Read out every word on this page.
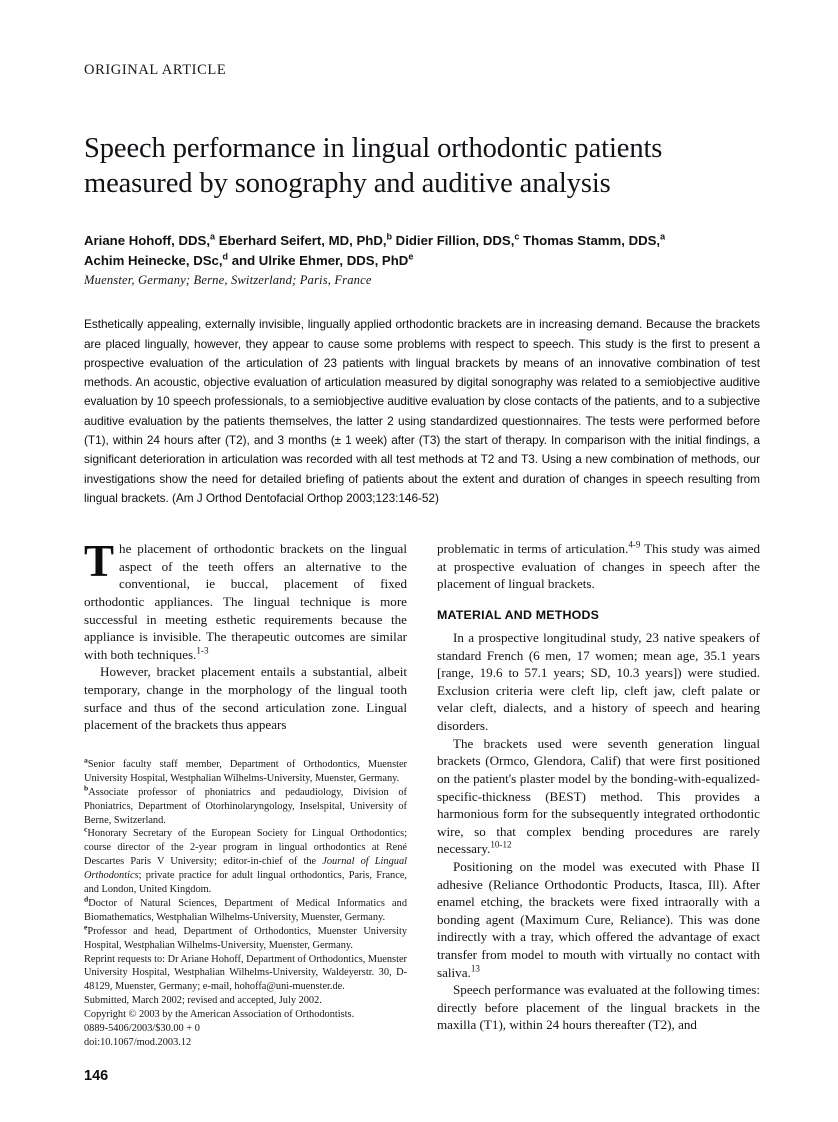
ORIGINAL ARTICLE
Speech performance in lingual orthodontic patients measured by sonography and auditive analysis
Ariane Hohoff, DDS,$^a$ Eberhard Seifert, MD, PhD,$^b$ Didier Fillion, DDS,$^c$ Thomas Stamm, DDS,$^a$
Achim Heinecke, DSc,$^d$ and Ulrike Ehmer, DDS, PhD$^e$
Muenster, Germany; Berne, Switzerland; Paris, France
Esthetically appealing, externally invisible, lingually applied orthodontic brackets are in increasing demand. Because the brackets are placed lingually, however, they appear to cause some problems with respect to speech. This study is the first to present a prospective evaluation of the articulation of 23 patients with lingual brackets by means of an innovative combination of test methods. An acoustic, objective evaluation of articulation measured by digital sonography was related to a semiobjective auditive evaluation by 10 speech professionals, to a semiobjective auditive evaluation by close contacts of the patients, and to a subjective auditive evaluation by the patients themselves, the latter 2 using standardized questionnaires. The tests were performed before (T1), within 24 hours after (T2), and 3 months (± 1 week) after (T3) the start of therapy. In comparison with the initial findings, a significant deterioration in articulation was recorded with all test methods at T2 and T3. Using a new combination of methods, our investigations show the need for detailed briefing of patients about the extent and duration of changes in speech resulting from lingual brackets. (Am J Orthod Dentofacial Orthop 2003;123:146-52)

The placement of orthodontic brackets on the lingual aspect of the teeth offers an alternative to the conventional, ie buccal, placement of fixed orthodontic appliances. The lingual technique is more successful in meeting esthetic requirements because the appliance is invisible. The therapeutic outcomes are similar with both techniques.$^{1-3}$

However, bracket placement entails a substantial, albeit temporary, change in the morphology of the lingual tooth surface and thus of the second articulation zone. Lingual placement of the brackets thus appears

$^a$Senior faculty staff member, Department of Orthodontics, Muenster University Hospital, Westphalian Wilhelms-University, Muenster, Germany.

$^b$Associate professor of phoniatrics and pedaudiology, Division of Phoniatrics, Department of Otorhinolaryngology, Inselspital, University of Berne, Switzerland.

$^c$Honorary Secretary of the European Society for Lingual Orthodontics; course director of the 2-year program in lingual orthodontics at René Descartes Paris V University; editor-in-chief of the Journal of Lingual Orthodontics; private practice for adult lingual orthodontics, Paris, France, and London, United Kingdom.

$^d$Doctor of Natural Sciences, Department of Medical Informatics and Biomathematics, Westphalian Wilhelms-University, Muenster, Germany.

$^e$Professor and head, Department of Orthodontics, Muenster University Hospital, Westphalian Wilhelms-University, Muenster, Germany.

Reprint requests to: Dr Ariane Hohoff, Department of Orthodontics, Muenster University Hospital, Westphalian Wilhelms-University, Waldeyerstr. 30, D-48129, Muenster, Germany; e-mail, hohoffa@uni-muenster.de.

Submitted, March 2002; revised and accepted, July 2002.

Copyright © 2003 by the American Association of Orthodontists.

0889-5406/2003/$30.00 + 0

doi:10.1067/mod.2003.12

146

problematic in terms of articulation.$^{4-9}$ This study was aimed at prospective evaluation of changes in speech after the placement of lingual brackets.

MATERIAL AND METHODS

In a prospective longitudinal study, 23 native speakers of standard French (6 men, 17 women; mean age, 35.1 years [range, 19.6 to 57.1 years; SD, 10.3 years]) were studied. Exclusion criteria were cleft lip, cleft jaw, cleft palate or velar cleft, dialects, and a history of speech and hearing disorders.

The brackets used were seventh generation lingual brackets (Ormco, Glendora, Calif) that were first positioned on the patient's plaster model by the bonding-with-equalized-specific-thickness (BEST) method. This provides a harmonious form for the subsequently integrated orthodontic wire, so that complex bending procedures are rarely necessary.$^{10-12}$

Positioning on the model was executed with Phase II adhesive (Reliance Orthodontic Products, Itasca, Ill). After enamel etching, the brackets were fixed intraorally with a bonding agent (Maximum Cure, Reliance). This was done indirectly with a tray, which offered the advantage of exact transfer from model to mouth with virtually no contact with saliva.$^{13}$

Speech performance was evaluated at the following times: directly before placement of the lingual brackets in the maxilla (T1), within 24 hours thereafter (T2), and
